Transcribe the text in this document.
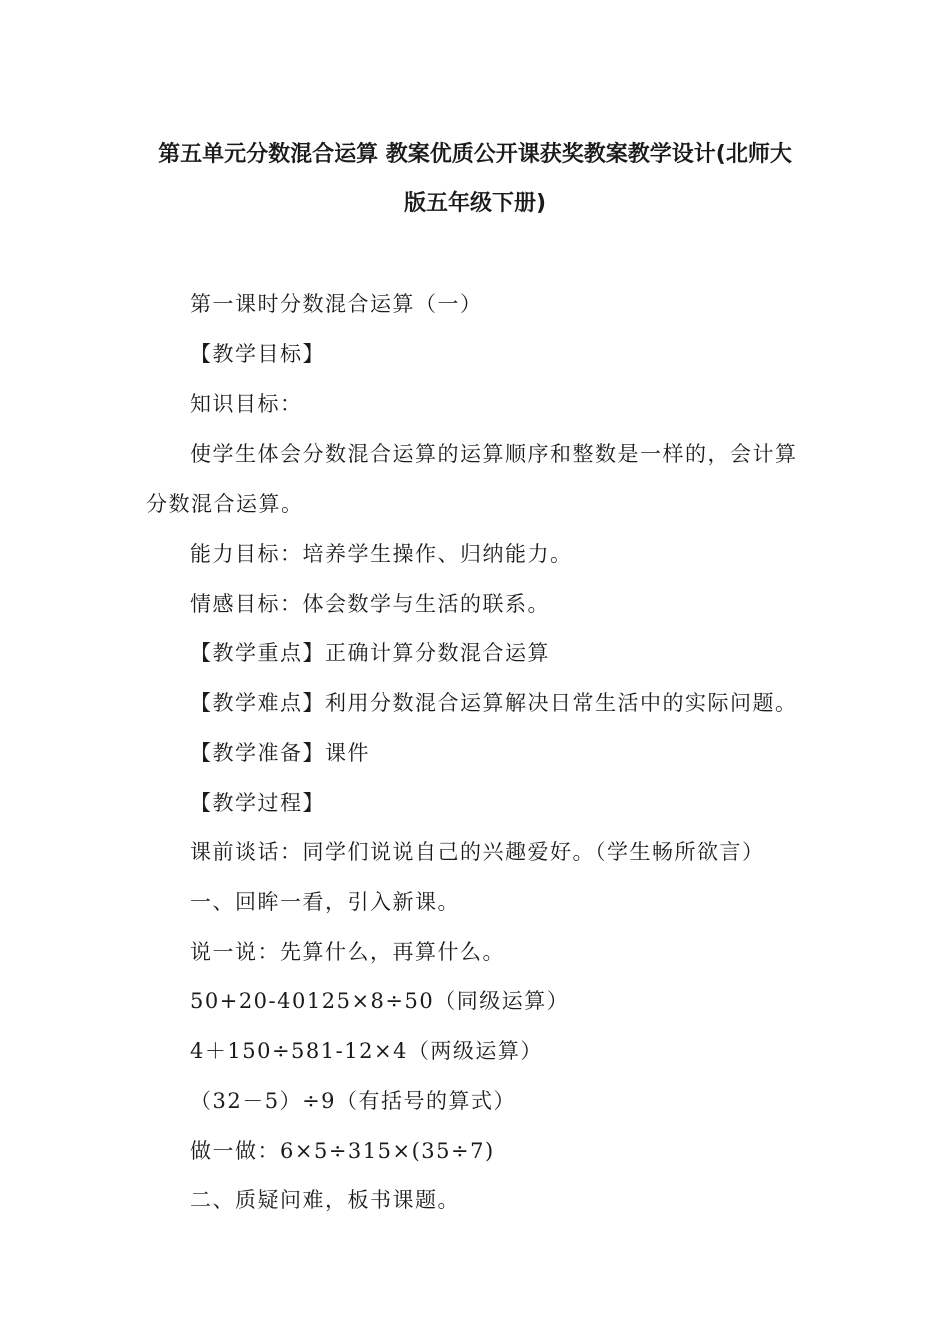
第五单元分数混合运算 教案优质公开课获奖教案教学设计(北师大
版五年级下册)
第一课时分数混合运算（一）
【教学目标】
知识目标：
使学生体会分数混合运算的运算顺序和整数是一样的，会计算
分数混合运算。
能力目标：培养学生操作、归纳能力。
情感目标：体会数学与生活的联系。
【教学重点】正确计算分数混合运算
【教学难点】利用分数混合运算解决日常生活中的实际问题。
【教学准备】课件
【教学过程】
课前谈话：同学们说说自己的兴趣爱好。（学生畅所欲言）
一、回眸一看，引入新课。
说一说：先算什么，再算什么。
50+20-40125×8÷50（同级运算）
4＋150÷581-12×4（两级运算）
（32－5）÷9（有括号的算式）
做一做：6×5÷315×(35÷7)
二、质疑问难，板书课题。
